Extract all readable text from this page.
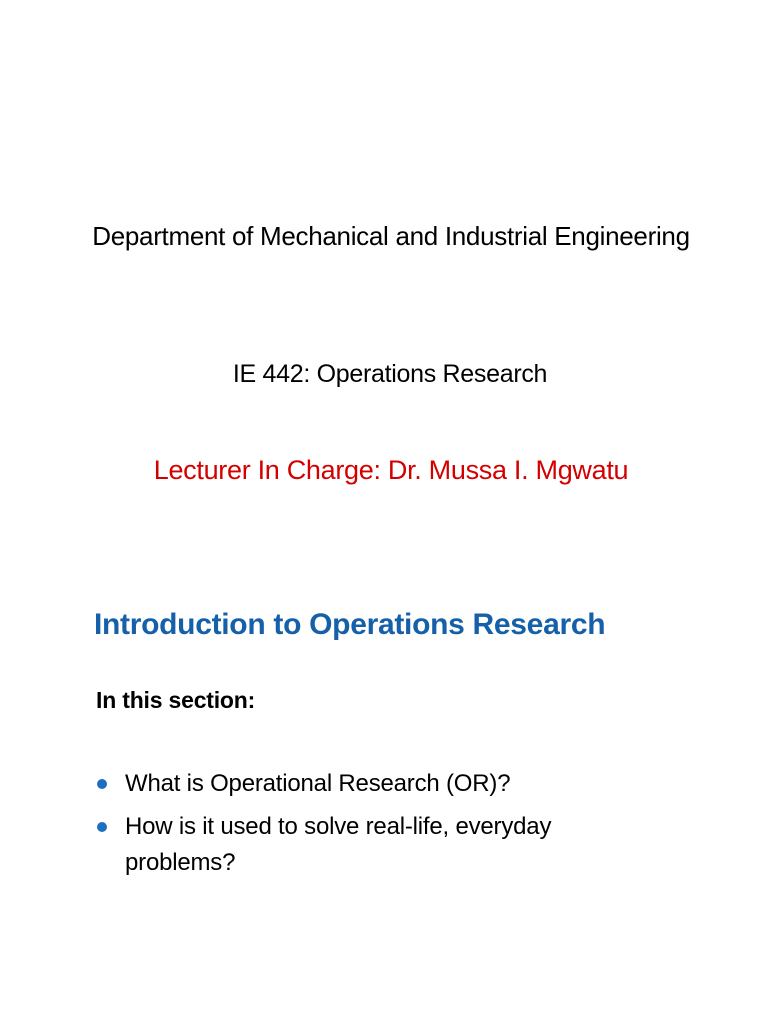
Department of Mechanical and Industrial Engineering
IE 442: Operations Research
Lecturer In Charge: Dr. Mussa I. Mgwatu
Introduction to Operations Research
In this section:
What is Operational Research (OR)?
How is it used to solve real-life, everyday problems?
